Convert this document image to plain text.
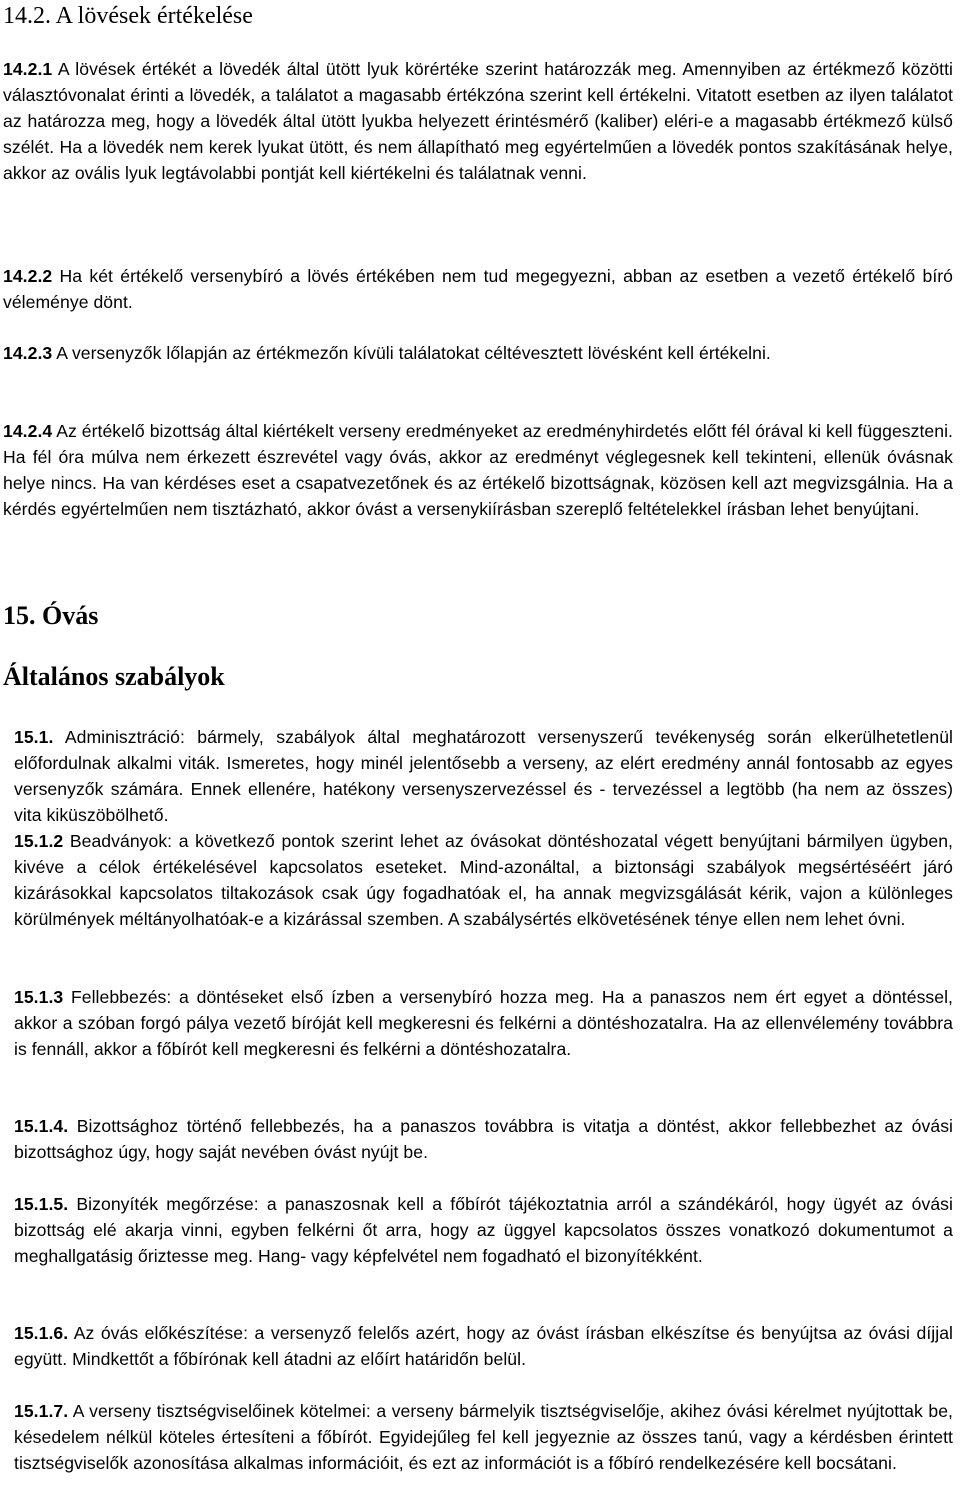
14.2. A lövések értékelése

14.2.1 A lövések értékét a lövedék által ütött lyuk körértéke szerint határozzák meg. Amennyiben az értékmező közötti választóvonalat érinti a lövedék, a találatot a magasabb értékzóna szerint kell értékelni. Vitatott esetben az ilyen találatot az határozza meg, hogy a lövedék által ütött lyukba helyezett érintésmérő (kaliber) eléri-e a magasabb értékmező külső szélét. Ha a lövedék nem kerek lyukat ütött, és nem állapítható meg egyértelműen a lövedék pontos szakításának helye, akkor az ovális lyuk legtávolabbi pontját kell kiértékelni és találatnak venni.

14.2.2 Ha két értékelő versenybíró a lövés értékében nem tud megegyezni, abban az esetben a vezető értékelő bíró véleménye dönt.

14.2.3 A versenyzők lőlapján az értékmezőn kívüli találatokat céltévesztett lövésként kell értékelni.

14.2.4 Az értékelő bizottság által kiértékelt verseny eredményeket az eredményhirdetés előtt fél órával ki kell függeszteni. Ha fél óra múlva nem érkezett észrevétel vagy óvás, akkor az eredményt véglegesnek kell tekinteni, ellenük óvásnak helye nincs. Ha van kérdéses eset a csapatvezetőnek és az értékelő bizottságnak, közösen kell azt megvizsgálnia. Ha a kérdés egyértelműen nem tisztázható, akkor óvást a versenykiírásban szereplő feltételekkel írásban lehet benyújtani.

15. Óvás
Általános szabályok

15.1. Adminisztráció: bármely, szabályok által meghatározott versenyszerű tevékenység során elkerülhetetlenül előfordulnak alkalmi viták. Ismeretes, hogy minél jelentősebb a verseny, az elért eredmény annál fontosabb az egyes versenyzők számára. Ennek ellenére, hatékony versenyszervezéssel és - tervezéssel a legtöbb (ha nem az összes) vita kiküszöbölhető.

15.1.2 Beadványok: a következő pontok szerint lehet az óvásokat döntéshozatal végett benyújtani bármilyen ügyben, kivéve a célok értékelésével kapcsolatos eseteket. Mind-azonáltal, a biztonsági szabályok megsértéséért járó kizárásokkal kapcsolatos tiltakozások csak úgy fogadhatóak el, ha annak megvizsgálását kérik, vajon a különleges körülmények méltányolhatóak-e a kizárással szemben. A szabálysértés elkövetésének ténye ellen nem lehet óvni.

15.1.3 Fellebbezés: a döntéseket első ízben a versenybíró hozza meg. Ha a panaszos nem ért egyet a döntéssel, akkor a szóban forgó pálya vezető bíróját kell megkeresni és felkérni a döntéshozatalra. Ha az ellenvélemény továbbra is fennáll, akkor a főbírót kell megkeresni és felkérni a döntéshozatalra.

15.1.4. Bizottsághoz történő fellebbezés, ha a panaszos továbbra is vitatja a döntést, akkor fellebbezhet az óvási bizottsághoz úgy, hogy saját nevében óvást nyújt be.

15.1.5. Bizonyíték megőrzése: a panaszosnak kell a főbírót tájékoztatnia arról a szándékáról, hogy ügyét az óvási bizottság elé akarja vinni, egyben felkérni őt arra, hogy az üggyel kapcsolatos összes vonatkozó dokumentumot a meghallgatásig őriztesse meg. Hang- vagy képfelvétel nem fogadható el bizonyítékként.

15.1.6. Az óvás előkészítése: a versenyző felelős azért, hogy az óvást írásban elkészítse és benyújtsa az óvási díjjal együtt. Mindkettőt a főbírónak kell átadni az előírt határidőn belül.

15.1.7. A verseny tisztségviselőinek kötelmei: a verseny bármelyik tisztségviselője, akihez óvási kérelmet nyújtottak be, késedelem nélkül köteles értesíteni a főbírót. Egyidejűleg fel kell jegyeznie az összes tanú, vagy a kérdésben érintett tisztségviselők azonosítása alkalmas információit, és ezt az információt is a főbíró rendelkezésére kell bocsátani.
